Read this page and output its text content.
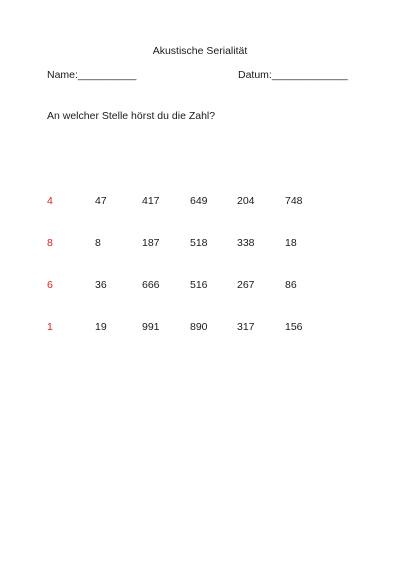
Akustische Serialität
Name:__________	Datum:_____________
An welcher Stelle hörst du die Zahl?
4	47	417	649	204	748
8	8	187	518	338	18
6	36	666	516	267	86
1	19	991	890	317	156
